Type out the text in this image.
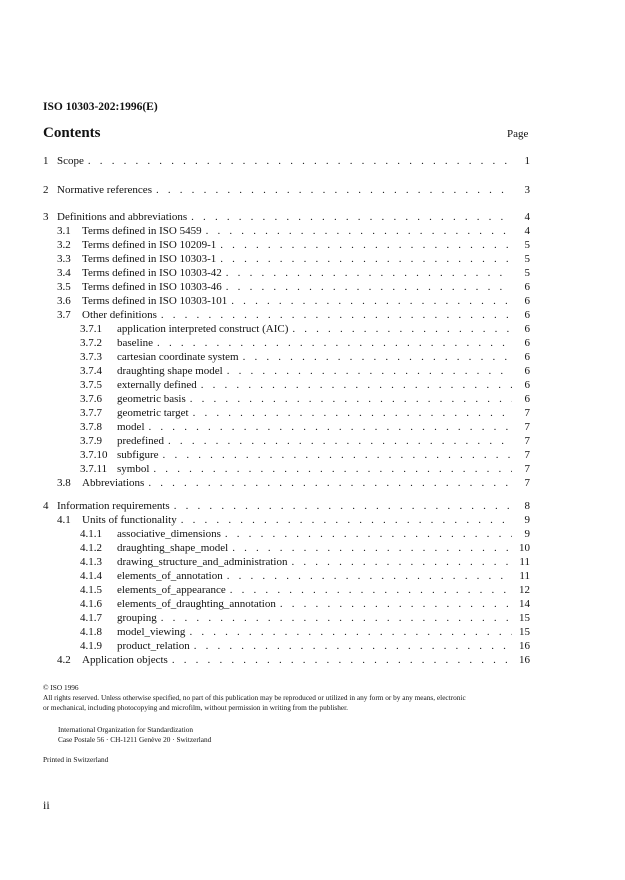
ISO 10303-202:1996(E)
Contents	Page
1 Scope . . .	1
2 Normative references . . .	3
3 Definitions and abbreviations . . .	4
3.1	Terms defined in ISO 5459 . . .	4
3.2	Terms defined in ISO 10209-1 . . .	5
3.3	Terms defined in ISO 10303-1 . . .	5
3.4	Terms defined in ISO 10303-42 . . .	5
3.5	Terms defined in ISO 10303-46 . . .	6
3.6	Terms defined in ISO 10303-101 . . .	6
3.7	Other definitions . . .	6
3.7.1	application interpreted construct (AIC) . . .	6
3.7.2	baseline . . .	6
3.7.3	cartesian coordinate system . . .	6
3.7.4	draughting shape model . . .	6
3.7.5	externally defined . . .	6
3.7.6	geometric basis . . .	6
3.7.7	geometric target . . .	7
3.7.8	model . . .	7
3.7.9	predefined . . .	7
3.7.10 subfigure . . .	7
3.7.11 symbol . . .	7
3.8	Abbreviations . . .	7
4 Information requirements . . .	8
4.1	Units of functionality . . .	9
4.1.1	associative_dimensions . . .	9
4.1.2	draughting_shape_model . . .	10
4.1.3	drawing_structure_and_administration . . .	11
4.1.4	elements_of_annotation . . .	11
4.1.5	elements_of_appearance . . .	12
4.1.6	elements_of_draughting_annotation . . .	14
4.1.7	grouping . . .	15
4.1.8	model_viewing . . .	15
4.1.9	product_relation . . .	16
4.2	Application objects . . .	16
© ISO 1996
All rights reserved. Unless otherwise specified, no part of this publication may be reproduced or utilized in any form or by any means, electronic
or mechanical, including photocopying and microfilm, without permission in writing from the publisher.
International Organization for Standardization
Case Postale 56 · CH-1211 Genève 20 · Switzerland
Printed in Switzerland
ii
